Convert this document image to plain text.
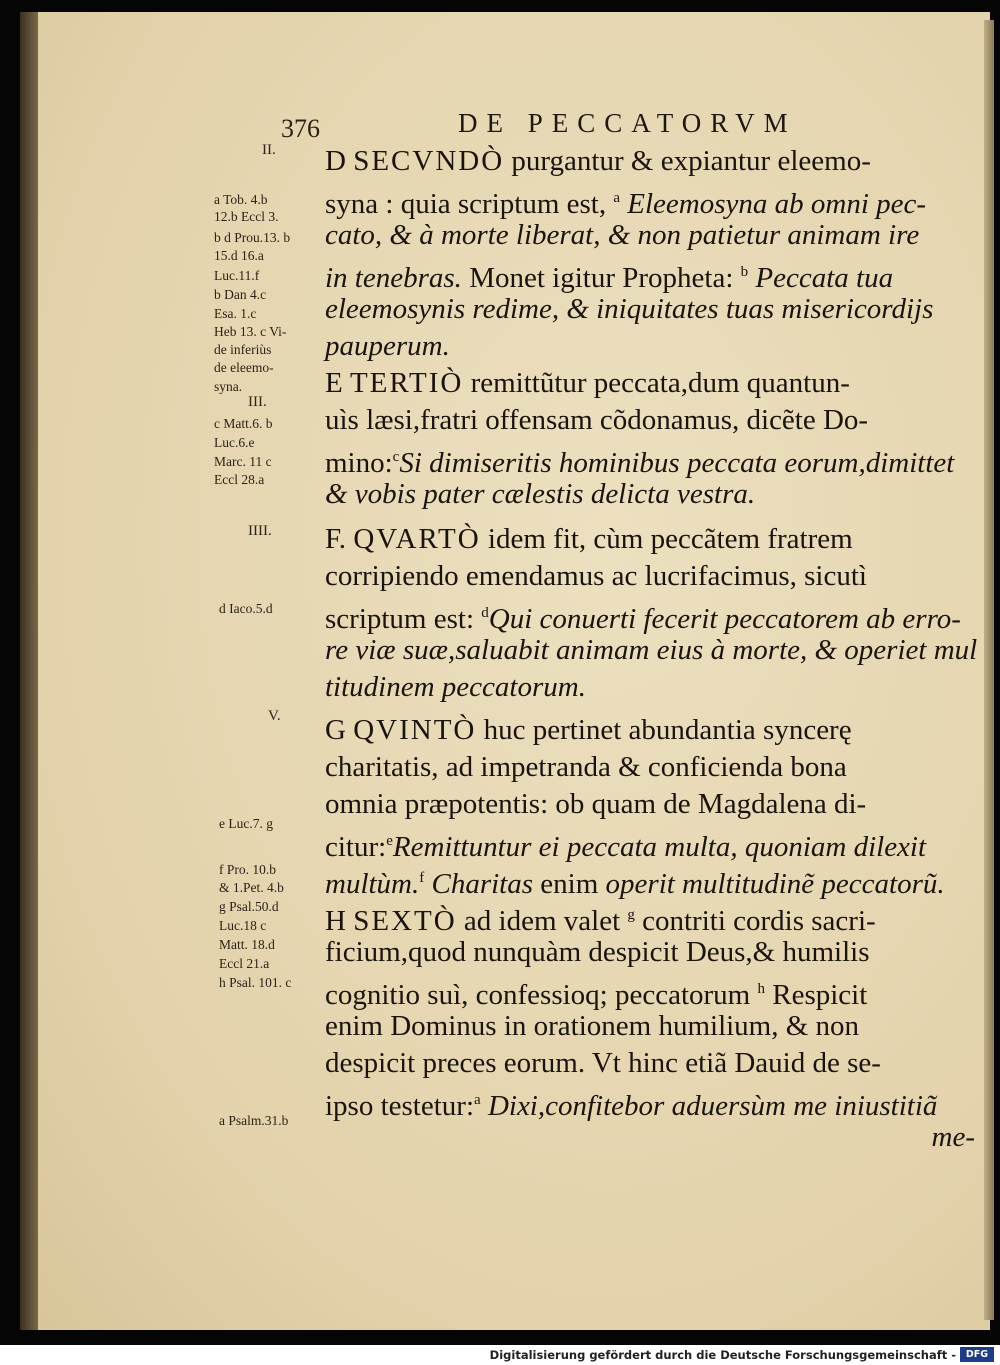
376	DE PECCATORVM
II.
a Tob. 4.b
12.b Eccl 3.
b d Prou.13. b
15.d 16.a
Luc.11.f
b Dan 4.c
Esa. 1.c
Heb 13. c Vi-
de inferiùs
de eleemo-
syna.
III.
c Matt.6. b
Luc.6.e
Marc. 11 c
Eccl 28.a
IIII.
d Iaco.5.d
V.
e Luc.7. g
f Pro. 10.b
& 1.Pet. 4.b
g Psal.50.d
Luc.18 c
Matt. 18.d
Eccl 21.a
h Psal. 101. c
a Psalm.31.b
D SECVNDÒ purgantur & expiantur eleemo-
syna : quia scriptum est, $^a$ Eleemosyna ab omni pec-
cato, & à morte liberat, & non patietur animam ire
in tenebras. Monet igitur Propheta: $^b$ Peccata tua
eleemosynis redime, & iniquitates tuas misericordijs
pauperum.
E TERTIÒ remittũtur peccata,dum quantun-
uìs læsi,fratri offensam cõdonamus, dicẽte Do-
mino:$^c$Si dimiseritis hominibus peccata eorum,dimittet
& vobis pater cælestis delicta vestra.
F. QVARTÒ idem fit, cùm peccãtem fratrem
corripiendo emendamus ac lucrifacimus, sicutì
scriptum est: $^d$Qui conuerti fecerit peccatorem ab erro-
re viæ suæ,saluabit animam eius à morte, & operiet mul
titudinem peccatorum.
G QVINTÒ huc pertinet abundantia syncerę
charitatis, ad impetranda & conficienda bona
omnia præpotentis: ob quam de Magdalena di-
citur:$^e$Remittuntur ei peccata multa, quoniam dilexit
multùm.$^f$ Charitas enim operit multitudinẽ peccatorũ.
H SEXTÒ ad idem valet $^g$ contriti cordis sacri-
ficium,quod nunquàm despicit Deus,& humilis
cognitio suì, confessioq; peccatorum $^h$ Respicit
enim Dominus in orationem humilium, & non
despicit preces eorum. Vt hinc etiã Dauid de se-
ipso testetur:$^a$ Dixi,confitebor aduersùm me iniustitiã
me-
Digitalisierung gefördert durch die Deutsche Forschungsgemeinschaft -	DFG
